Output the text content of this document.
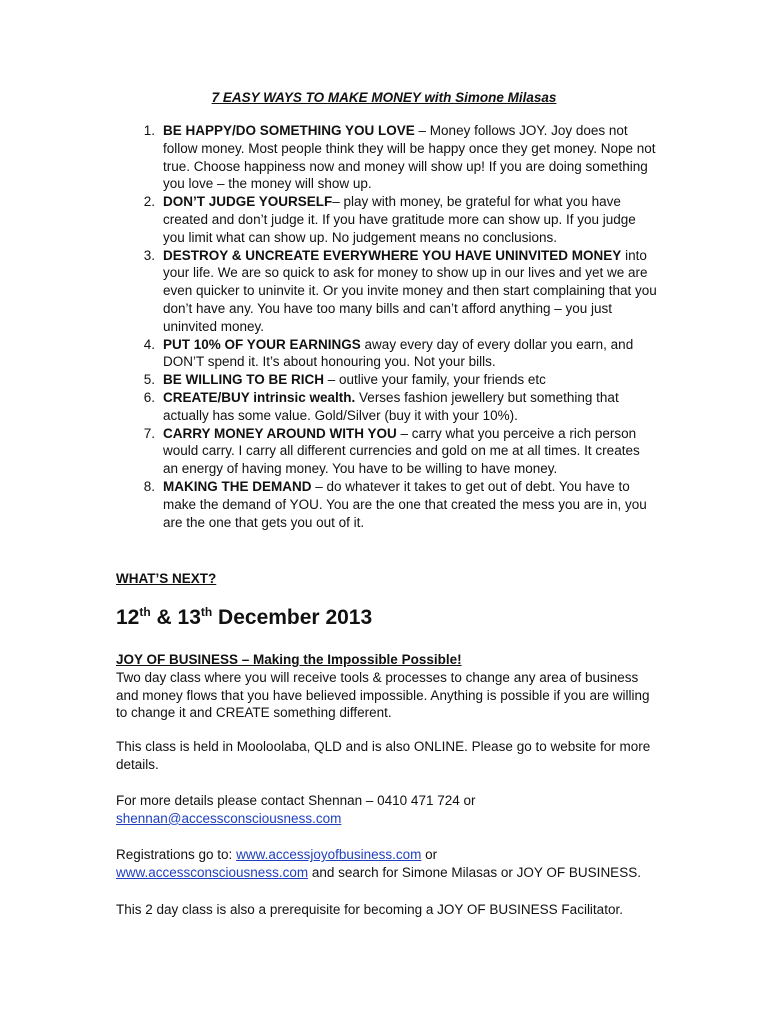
7 EASY WAYS TO MAKE MONEY with Simone Milasas
1. BE HAPPY/DO SOMETHING YOU LOVE – Money follows JOY. Joy does not follow money. Most people think they will be happy once they get money. Nope not true. Choose happiness now and money will show up! If you are doing something you love – the money will show up.
2. DON’T JUDGE YOURSELF– play with money, be grateful for what you have created and don’t judge it. If you have gratitude more can show up. If you judge you limit what can show up. No judgement means no conclusions.
3. DESTROY & UNCREATE EVERYWHERE YOU HAVE UNINVITED MONEY into your life. We are so quick to ask for money to show up in our lives and yet we are even quicker to uninvite it. Or you invite money and then start complaining that you don’t have any. You have too many bills and can’t afford anything – you just uninvited money.
4. PUT 10% OF YOUR EARNINGS away every day of every dollar you earn, and DON’T spend it. It’s about honouring you. Not your bills.
5. BE WILLING TO BE RICH – outlive your family, your friends etc
6. CREATE/BUY intrinsic wealth. Verses fashion jewellery but something that actually has some value. Gold/Silver (buy it with your 10%).
7. CARRY MONEY AROUND WITH YOU – carry what you perceive a rich person would carry. I carry all different currencies and gold on me at all times. It creates an energy of having money. You have to be willing to have money.
8. MAKING THE DEMAND – do whatever it takes to get out of debt. You have to make the demand of YOU. You are the one that created the mess you are in, you are the one that gets you out of it.
WHAT’S NEXT?
12th & 13th December 2013
JOY OF BUSINESS – Making the Impossible Possible!
Two day class where you will receive tools & processes to change any area of business and money flows that you have believed impossible. Anything is possible if you are willing to change it and CREATE something different.
This class is held in Mooloolaba, QLD and is also ONLINE. Please go to website for more details.
For more details please contact Shennan – 0410 471 724 or
shennan@accessconsciousness.com
Registrations go to: www.accessjoyofbusiness.com or
www.accessconsciousness.com and search for Simone Milasas or JOY OF BUSINESS.
This 2 day class is also a prerequisite for becoming a JOY OF BUSINESS Facilitator.
